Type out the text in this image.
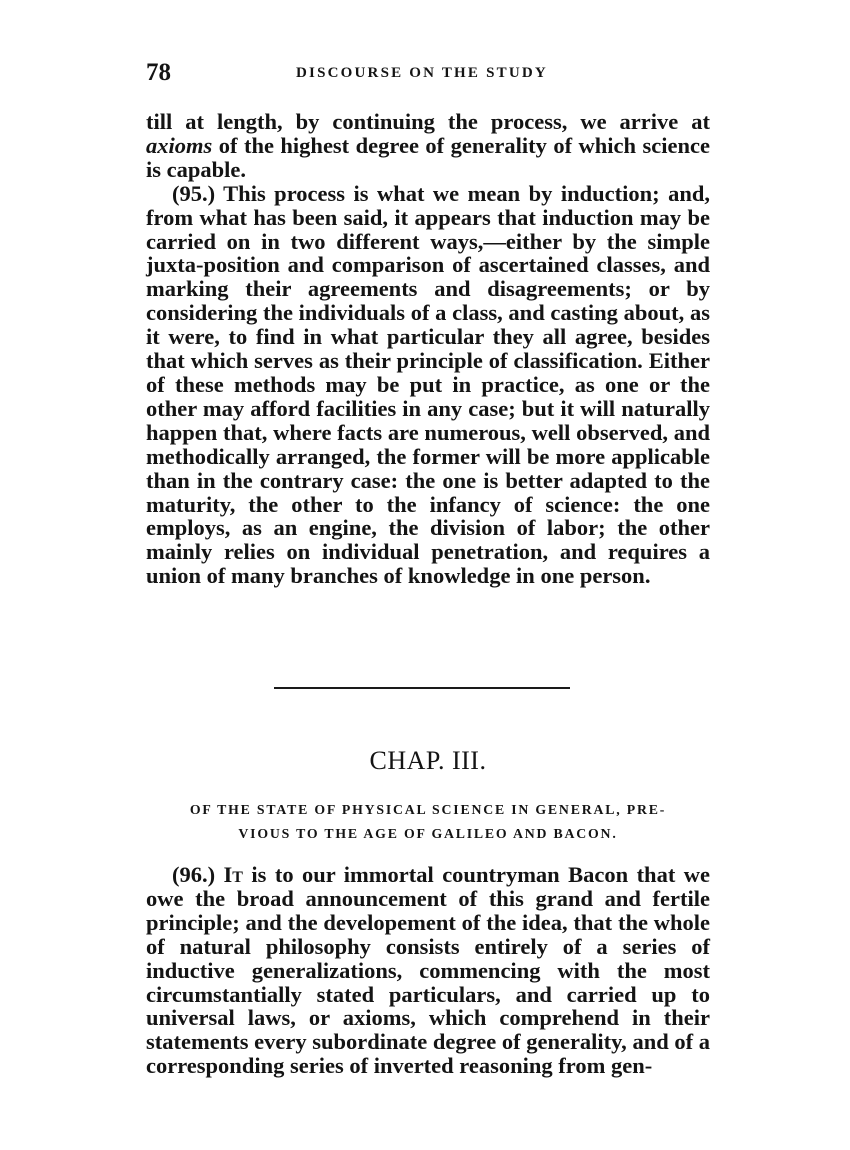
78	DISCOURSE ON THE STUDY

till at length, by continuing the process, we arrive at axioms of the highest degree of generality of which science is capable.

(95.) This process is what we mean by induction; and, from what has been said, it appears that induction may be carried on in two different ways,—either by the simple juxta-position and comparison of ascertained classes, and marking their agreements and disagreements; or by considering the individuals of a class, and casting about, as it were, to find in what particular they all agree, besides that which serves as their principle of classification. Either of these methods may be put in practice, as one or the other may afford facilities in any case; but it will naturally happen that, where facts are numerous, well observed, and methodically arranged, the former will be more applicable than in the contrary case: the one is better adapted to the maturity, the other to the infancy of science: the one employs, as an engine, the division of labor; the other mainly relies on individual penetration, and requires a union of many branches of knowledge in one person.

CHAP. III.
OF THE STATE OF PHYSICAL SCIENCE IN GENERAL, PRE-
VIOUS TO THE AGE OF GALILEO AND BACON.

(96.) It is to our immortal countryman Bacon that we owe the broad announcement of this grand and fertile principle; and the developement of the idea, that the whole of natural philosophy consists entirely of a series of inductive generalizations, commencing with the most circumstantially stated particulars, and carried up to universal laws, or axioms, which comprehend in their statements every subordinate degree of generality, and of a corresponding series of inverted reasoning from gen-
